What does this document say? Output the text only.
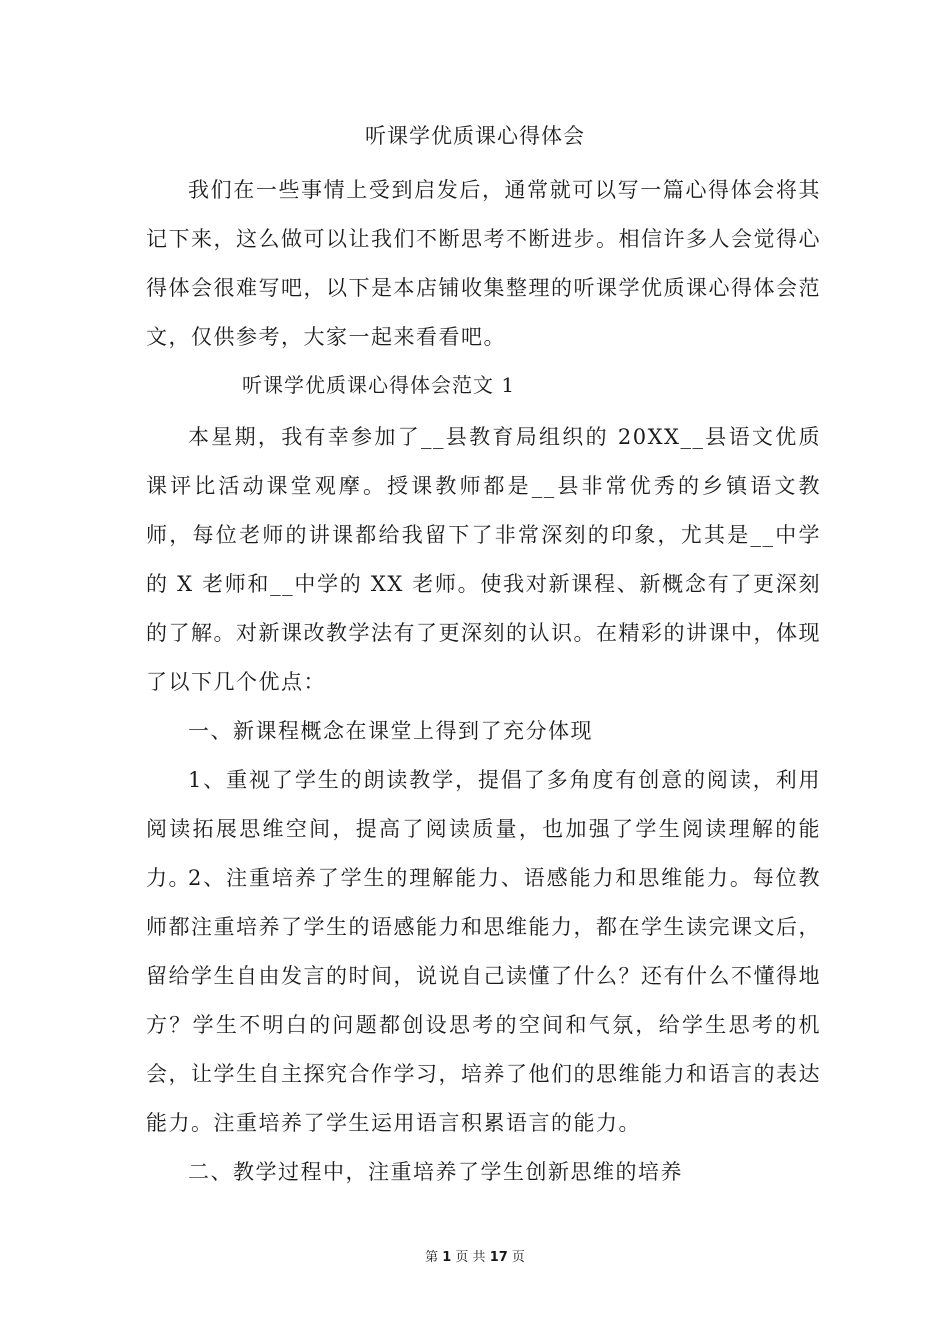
听课学优质课心得体会

我们在一些事情上受到启发后，通常就可以写一篇心得体会将其记下来，这么做可以让我们不断思考不断进步。相信许多人会觉得心得体会很难写吧，以下是本店铺收集整理的听课学优质课心得体会范文，仅供参考，大家一起来看看吧。

听课学优质课心得体会范文 1

本星期，我有幸参加了__县教育局组织的 20XX__县语文优质课评比活动课堂观摩。授课教师都是__县非常优秀的乡镇语文教师，每位老师的讲课都给我留下了非常深刻的印象，尤其是__中学的 X 老师和__中学的 XX 老师。使我对新课程、新概念有了更深刻的了解。对新课改教学法有了更深刻的认识。在精彩的讲课中，体现了以下几个优点：

一、新课程概念在课堂上得到了充分体现

1、重视了学生的朗读教学，提倡了多角度有创意的阅读，利用阅读拓展思维空间，提高了阅读质量，也加强了学生阅读理解的能力。

2、注重培养了学生的理解能力、语感能力和思维能力。每位教师都注重培养了学生的语感能力和思维能力，都在学生读完课文后，留给学生自由发言的时间，说说自己读懂了什么？还有什么不懂得地方？学生不明白的问题都创设思考的空间和气氛，给学生思考的机会，让学生自主探究合作学习，培养了他们的思维能力和语言的表达能力。注重培养了学生运用语言积累语言的能力。

二、教学过程中，注重培养了学生创新思维的培养

第 1 页 共 17 页
